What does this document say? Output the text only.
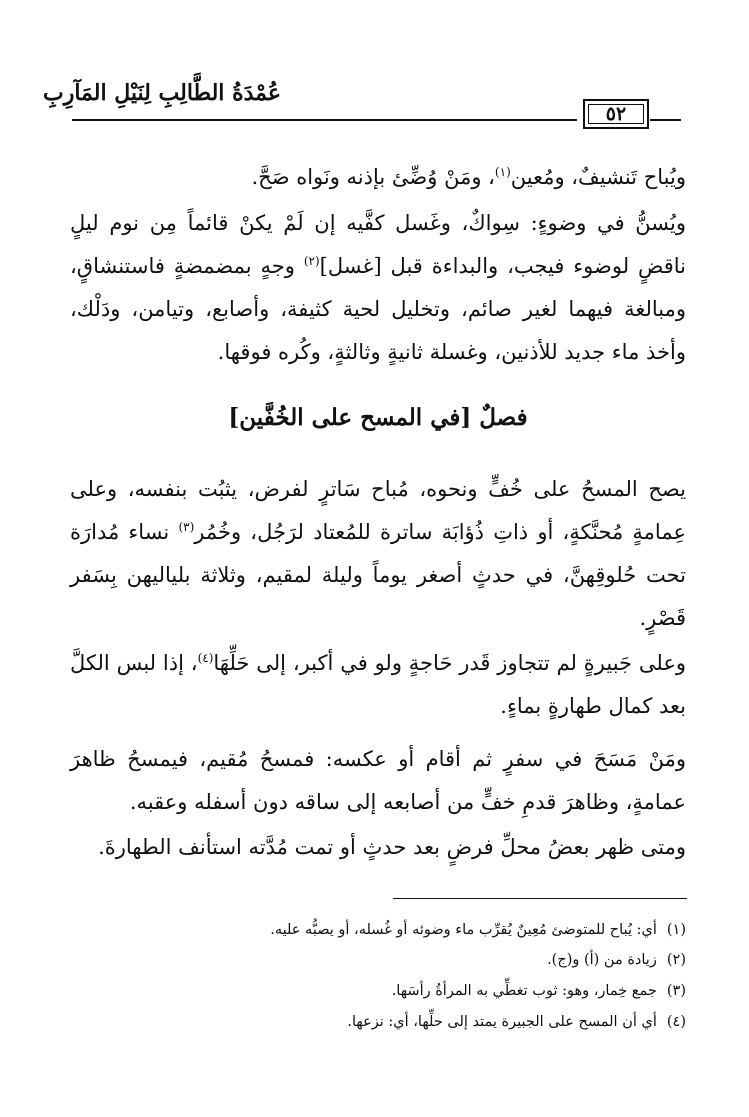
عُمْدَةُ الطَّالِبِ لِنَيْلِ المَآرِبِ
٥٢
ويُباح تَنشيفٌ، ومُعين$^{(١)}$، ومَنْ وُضِّئ بإذنه ونَواه صَحَّ.
ويُسنُّ في وضوءٍ: سِواكٌ، وغَسل كفَّيه إن لَمْ يكنْ قائماً مِن نوم ليلٍ ناقضٍ لوضوء فيجب، والبداءة قبل [غسل]$^{(٢)}$ وجهٍ بمضمضةٍ فاستنشاقٍ، ومبالغة فيهما لغير صائم، وتخليل لحية كثيفة، وأصابع، وتيامن، ودَلْك، وأخذ ماء جديد للأذنين، وغسلة ثانيةٍ وثالثةٍ، وكُره فوقها.
فصلٌ [في المسح على الخُفَّين]
يصح المسحُ على خُفٍّ ونحوه، مُباح سَاترٍ لفرض، يثبُت بنفسه، وعلى عِمامةٍ مُحنَّكةٍ، أو ذاتِ ذُؤابَة ساترة للمُعتاد لرَجُل، وخُمُر$^{(٣)}$ نساء مُدارَة تحت حُلوقِهنَّ، في حدثٍ أصغر يوماً وليلة لمقيم، وثلاثة بلياليهن بِسَفر قَصْرٍ.
وعلى جَبيرةٍ لم تتجاوز قَدر حَاجةٍ ولو في أكبر، إلى حَلِّهَا$^{(٤)}$، إذا لبس الكلَّ بعد كمال طهارةٍ بماءٍ.
ومَنْ مَسَحَ في سفرٍ ثم أقام أو عكسه: فمسحُ مُقيم، فيمسحُ ظاهرَ عمامةٍ، وظاهرَ قدمِ خفٍّ من أصابعه إلى ساقه دون أسفله وعقبه.
ومتى ظهر بعضُ محلِّ فرضٍ بعد حدثٍ أو تمت مُدَّته استأنف الطهارةَ.
(١)أي: يُباح للمتوضئ مُعِينٌ يُقرِّب ماء وضوئه أو غُسله، أو يصبُّه عليه.
(٢)زيادة من (أ) و(ج).
(٣)جمع خِمار، وهو: ثوب تغطِّي به المرأةُ رأسَها.
(٤)أي أن المسح على الجبيرة يمتد إلى حلِّها، أي: نزعها.
